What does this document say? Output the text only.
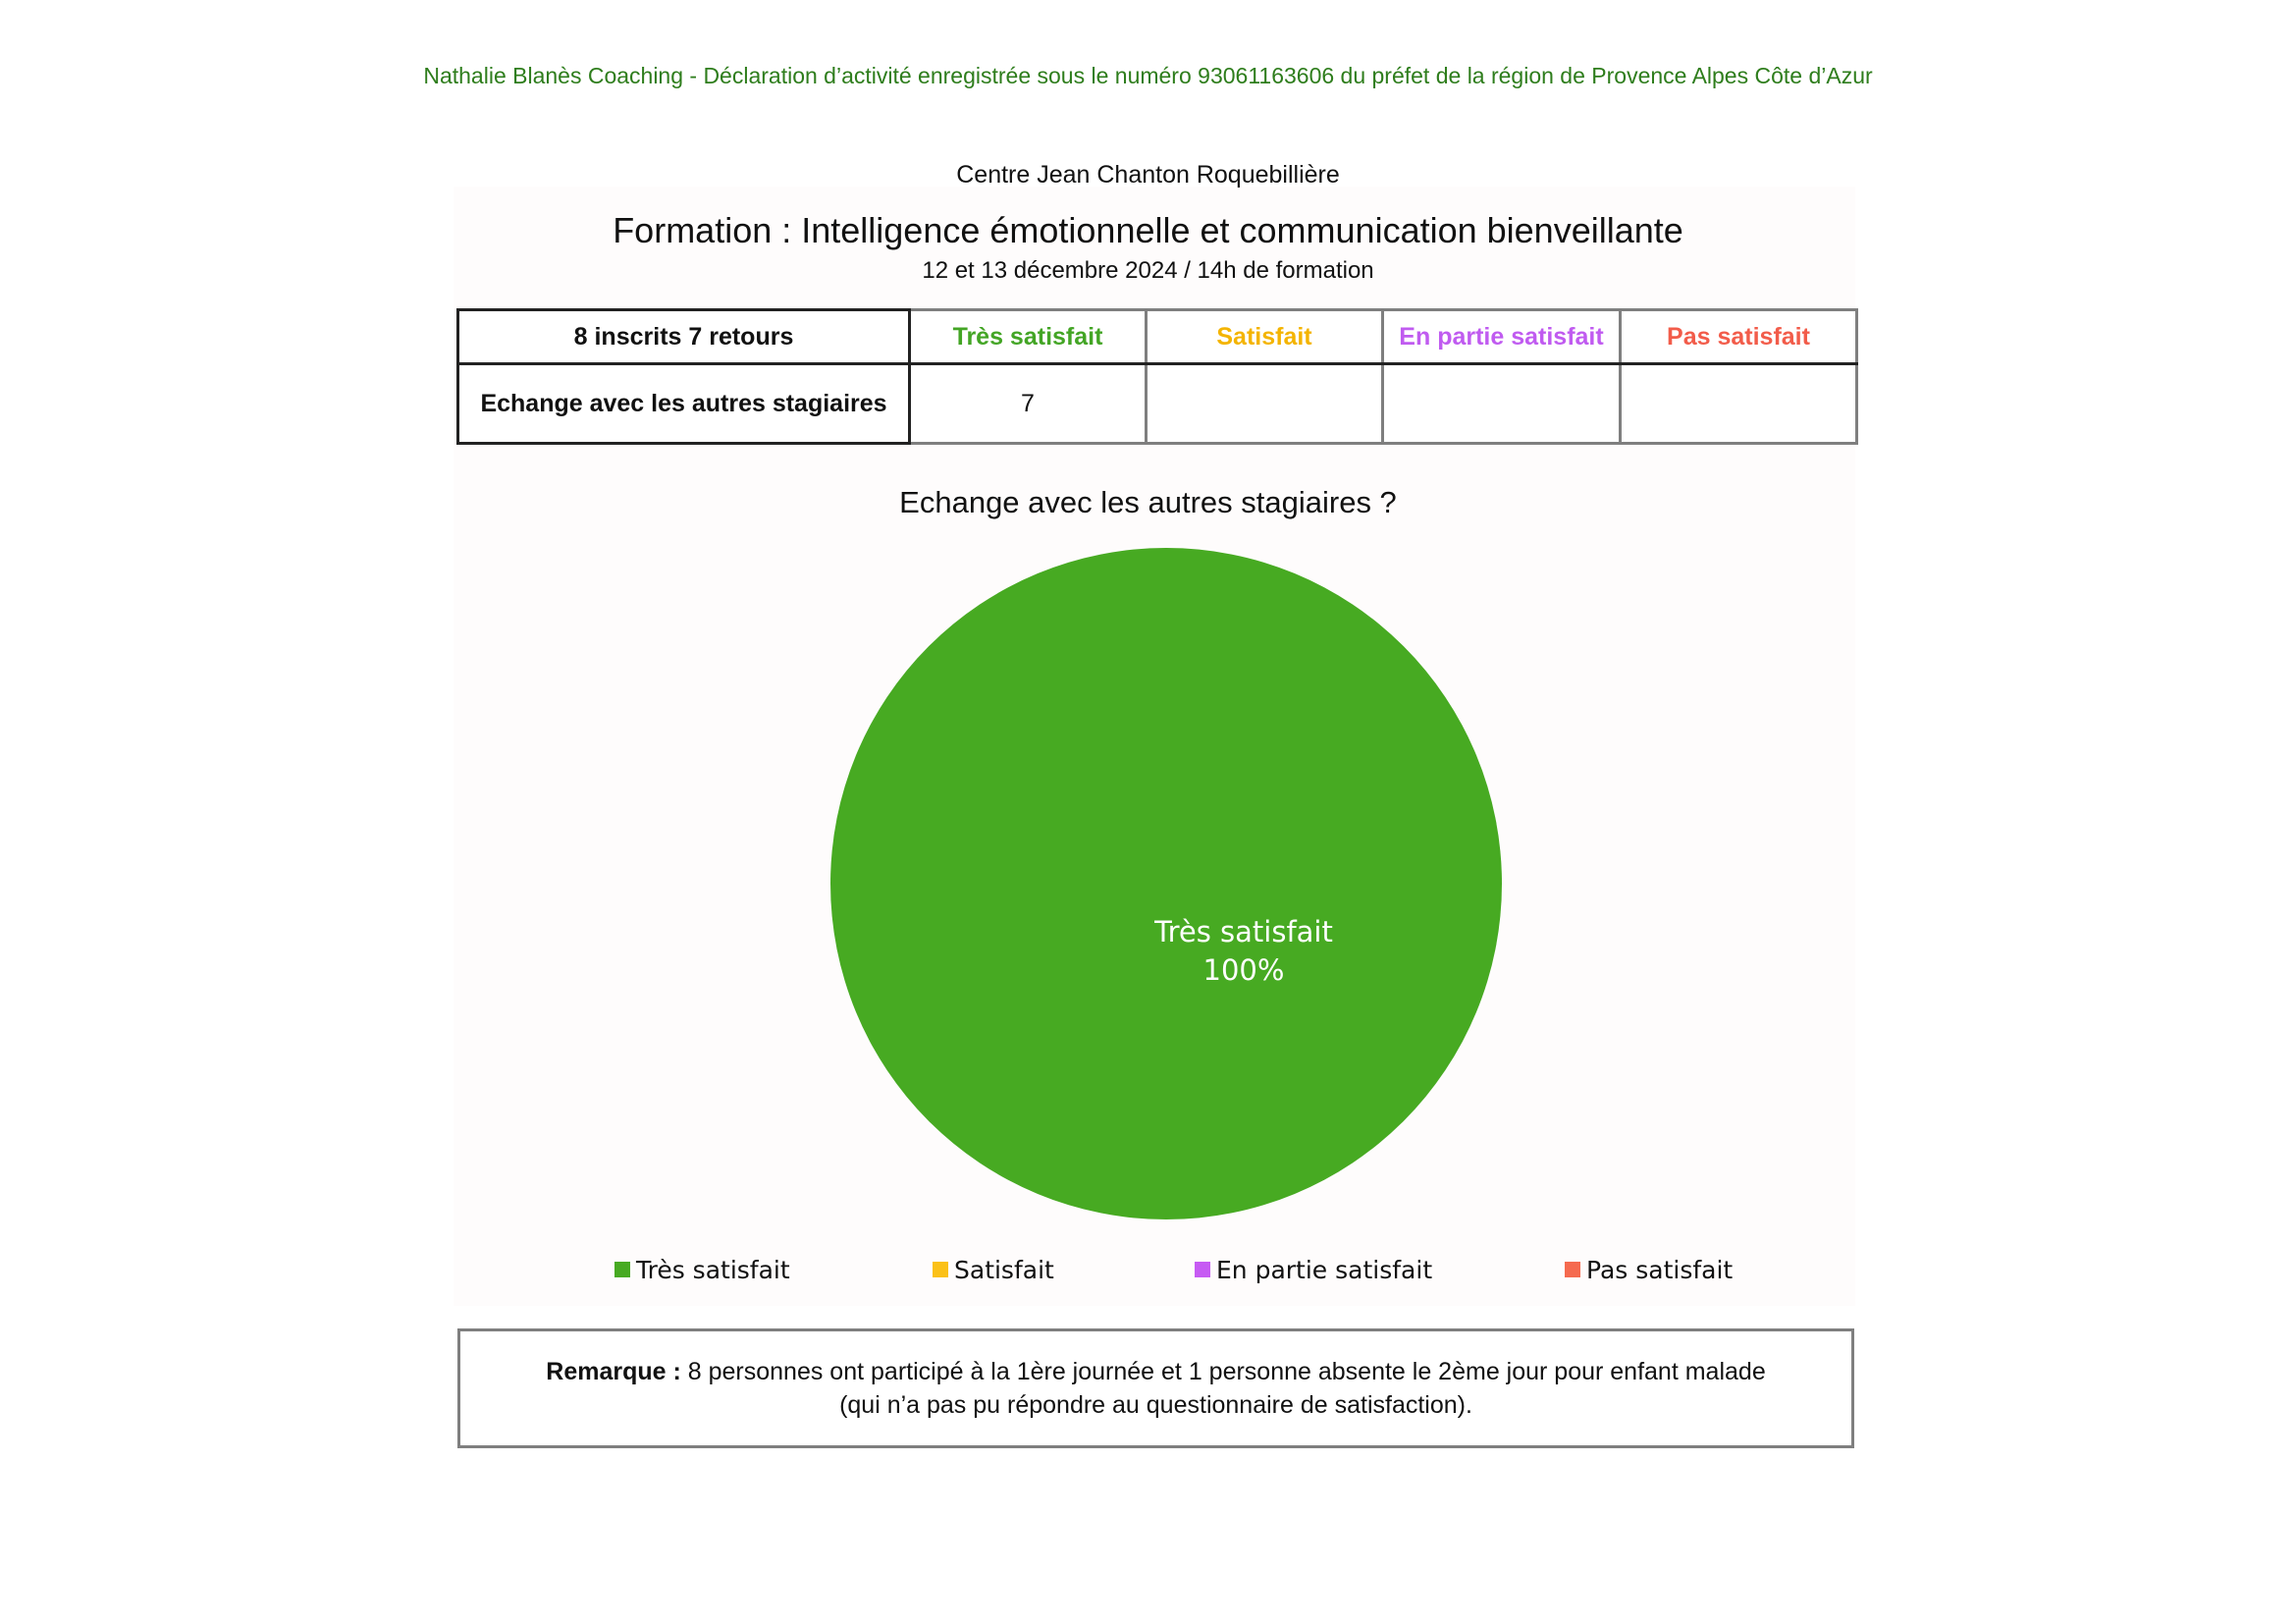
Nathalie Blanès Coaching - Déclaration d’activité enregistrée sous le numéro 93061163606 du préfet de la région de Provence Alpes Côte d’Azur
Centre Jean Chanton Roquebillière
Formation : Intelligence émotionnelle et communication bienveillante
12 et 13 décembre 2024 / 14h de formation
8 inscrits 7 retours	Très satisfait	Satisfait	En partie satisfait	Pas satisfait
Echange avec les autres stagiaires	7			
Echange avec les autres stagiaires ?
Très satisfait
100%
Très satisfait	Satisfait	En partie satisfait	Pas satisfait
Remarque : 8 personnes ont participé à la 1ère journée et 1 personne absente le 2ème jour pour enfant malade
(qui n’a pas pu répondre au questionnaire de satisfaction).
